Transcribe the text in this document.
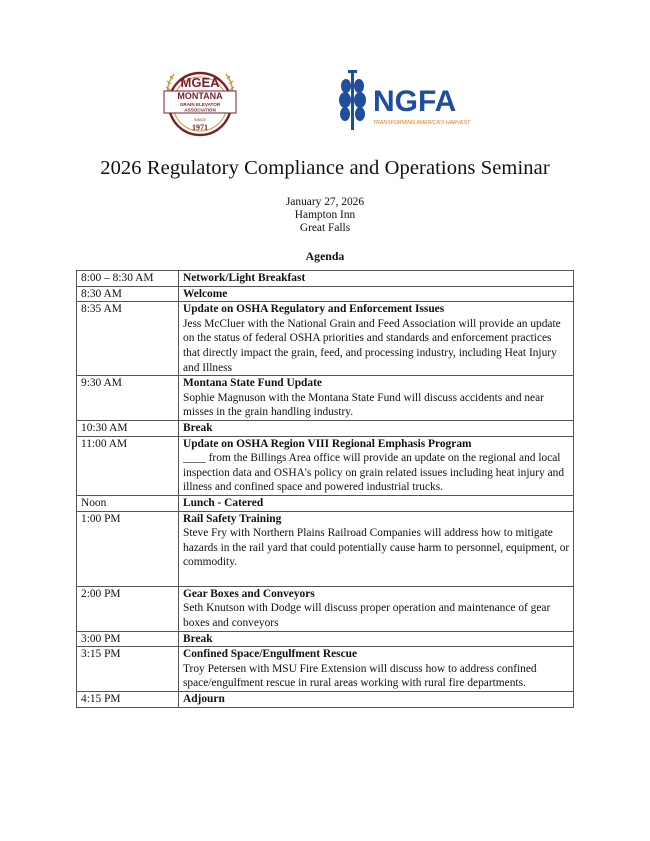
MGEA
MONTANA
GRAIN ELEVATOR
ASSOCIATION
SINCE
1971
NGFA
TRANSFORMING AMERICA'S HARVEST
2026 Regulatory Compliance and Operations Seminar
January 27, 2026
Hampton Inn
Great Falls
Agenda
8:00 – 8:30 AM	Network/Light Breakfast

8:30 AM	Welcome

8:35 AM	Update on OSHA Regulatory and Enforcement Issues
Jess McCluer with the National Grain and Feed Association will provide an update on the status of federal OSHA priorities and standards and enforcement practices that directly impact the grain, feed, and processing industry, including Heat Injury and Illness

9:30 AM	Montana State Fund Update
Sophie Magnuson with the Montana State Fund will discuss accidents and near misses in the grain handling industry.

10:30 AM	Break

11:00 AM	Update on OSHA Region VIII Regional Emphasis Program
____ from the Billings Area office will provide an update on the regional and local inspection data and OSHA's policy on grain related issues including heat injury and illness and confined space and powered industrial trucks.

Noon	Lunch - Catered

1:00 PM	Rail Safety Training
Steve Fry with Northern Plains Railroad Companies will address how to mitigate hazards in the rail yard that could potentially cause harm to personnel, equipment, or commodity.

2:00 PM	Gear Boxes and Conveyors
Seth Knutson with Dodge will discuss proper operation and maintenance of gear boxes and conveyors

3:00 PM	Break

3:15 PM	Confined Space/Engulfment Rescue
Troy Petersen with MSU Fire Extension will discuss how to address confined space/engulfment rescue in rural areas working with rural fire departments.

4:15 PM	Adjourn
